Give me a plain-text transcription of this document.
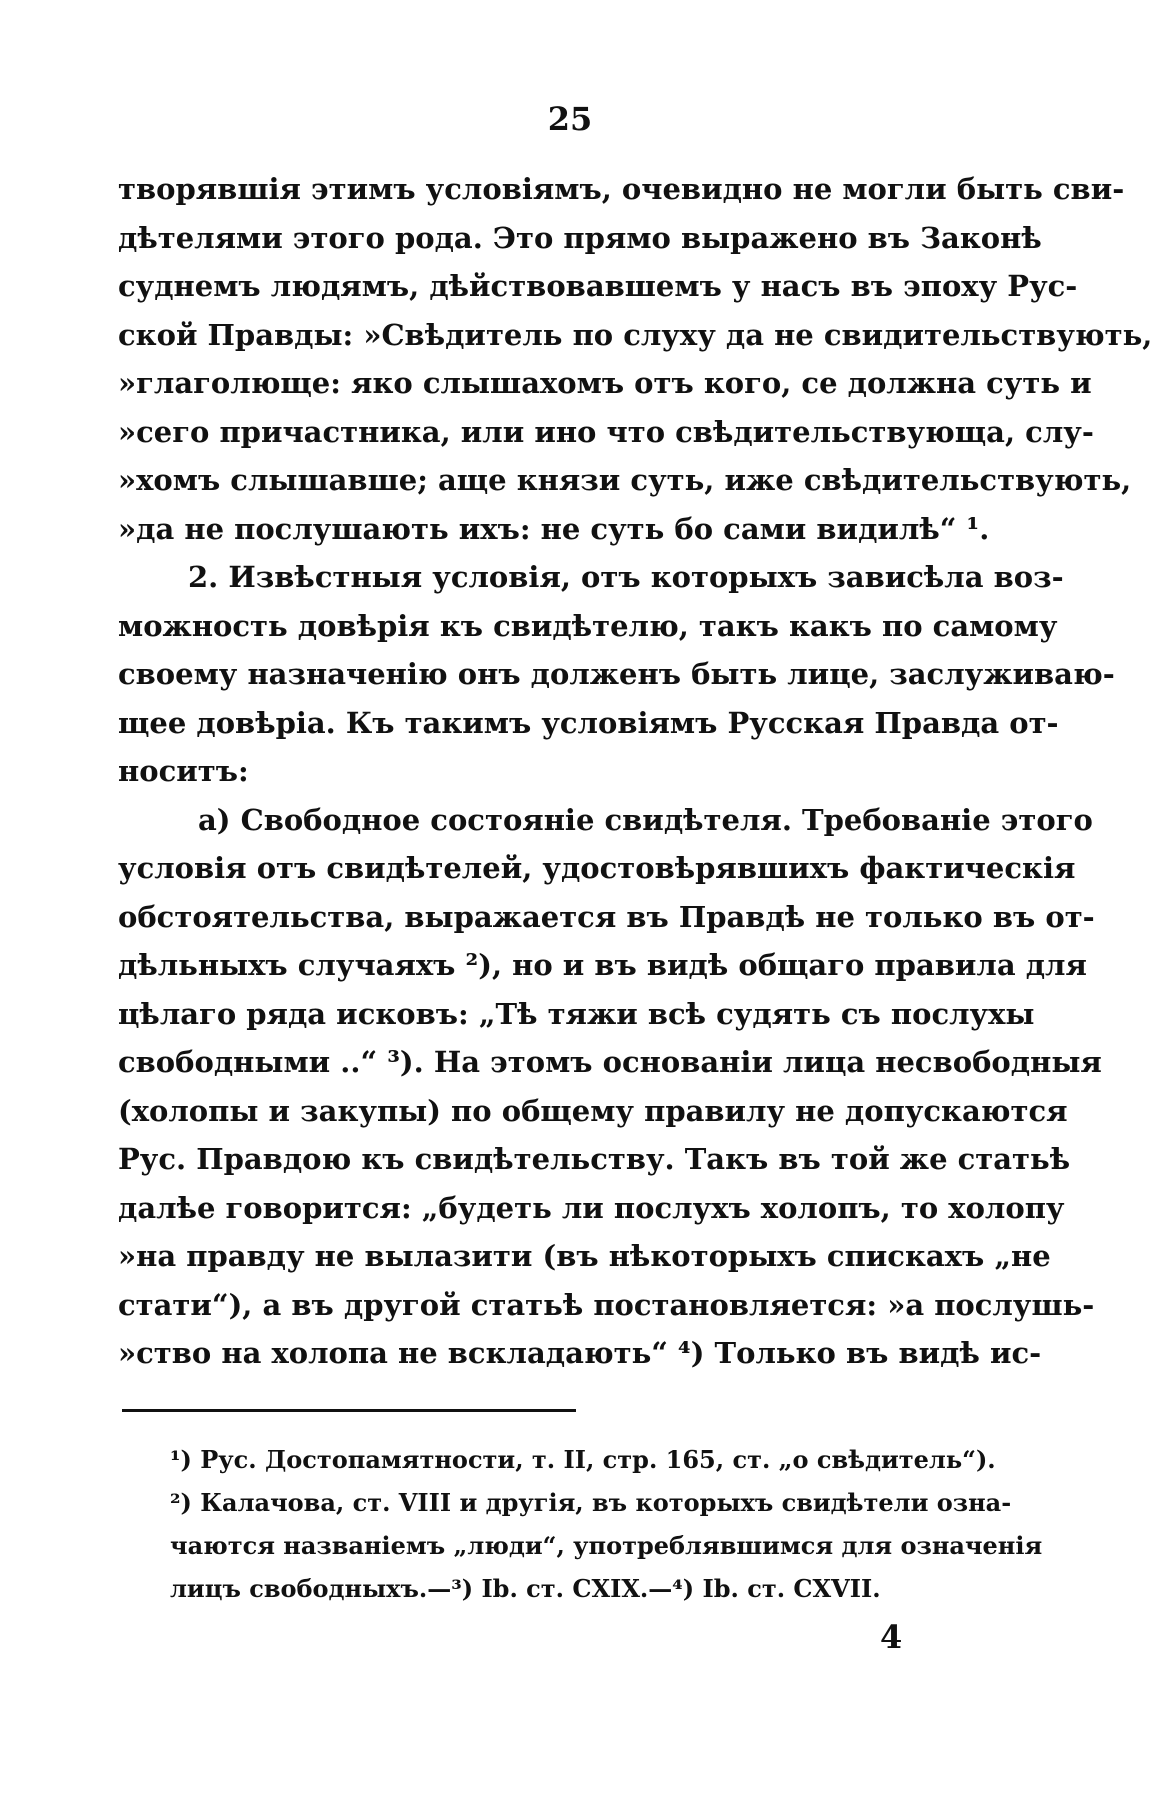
25
творявшія этимъ условіямъ, очевидно не могли быть сви-
дѣтелями этого рода. Это прямо выражено въ Законѣ
суднемъ людямъ, дѣйствовавшемъ у насъ въ эпоху Рус-
ской Правды: »Свѣдитель по слуху да не свидительствують,
»глаголюще: яко слышахомъ отъ кого, се должна суть и
»сего причастника, или ино что свѣдительствующа, слу-
»хомъ слышавше; аще князи суть, иже свѣдительствують,
»да не послушають ихъ: не суть бо сами видилѣ“ ¹.
2. Извѣстныя условія, отъ которыхъ зависѣла воз-
можность довѣрія къ свидѣтелю, такъ какъ по самому
своему назначенію онъ долженъ быть лице, заслуживаю-
щее довѣріа. Къ такимъ условіямъ Русская Правда от-
носитъ:
а) Свободное состояніе свидѣтеля. Требованіе этого
условія отъ свидѣтелей, удостовѣрявшихъ фактическія
обстоятельства, выражается въ Правдѣ не только въ от-
дѣльныхъ случаяхъ ²), но и въ видѣ общаго правила для
цѣлаго ряда исковъ: „Тѣ тяжи всѣ судять съ послухы
свободными ..“ ³). На этомъ основаніи лица несвободныя
(холопы и закупы) по общему правилу не допускаются
Рус. Правдою къ свидѣтельству. Такъ въ той же статьѣ
далѣе говорится: „будеть ли послухъ холопъ, то холопу
»на правду не вылазити (въ нѣкоторыхъ спискахъ „не
стати“), а въ другой статьѣ постановляется: »а послушь-
»ство на холопа не вскладають“ ⁴) Только въ видѣ ис-
¹) Рус. Достопамятности, т. II, стр. 165, ст. „о свѣдитель“).
²) Калачова, ст. VIII и другія, въ которыхъ свидѣтели озна-
чаются названіемъ „люди“, употреблявшимся для означенія
лицъ свободныхъ.—³) Ib. ст. CXIX.—⁴) Ib. ст. CXVII.
4
